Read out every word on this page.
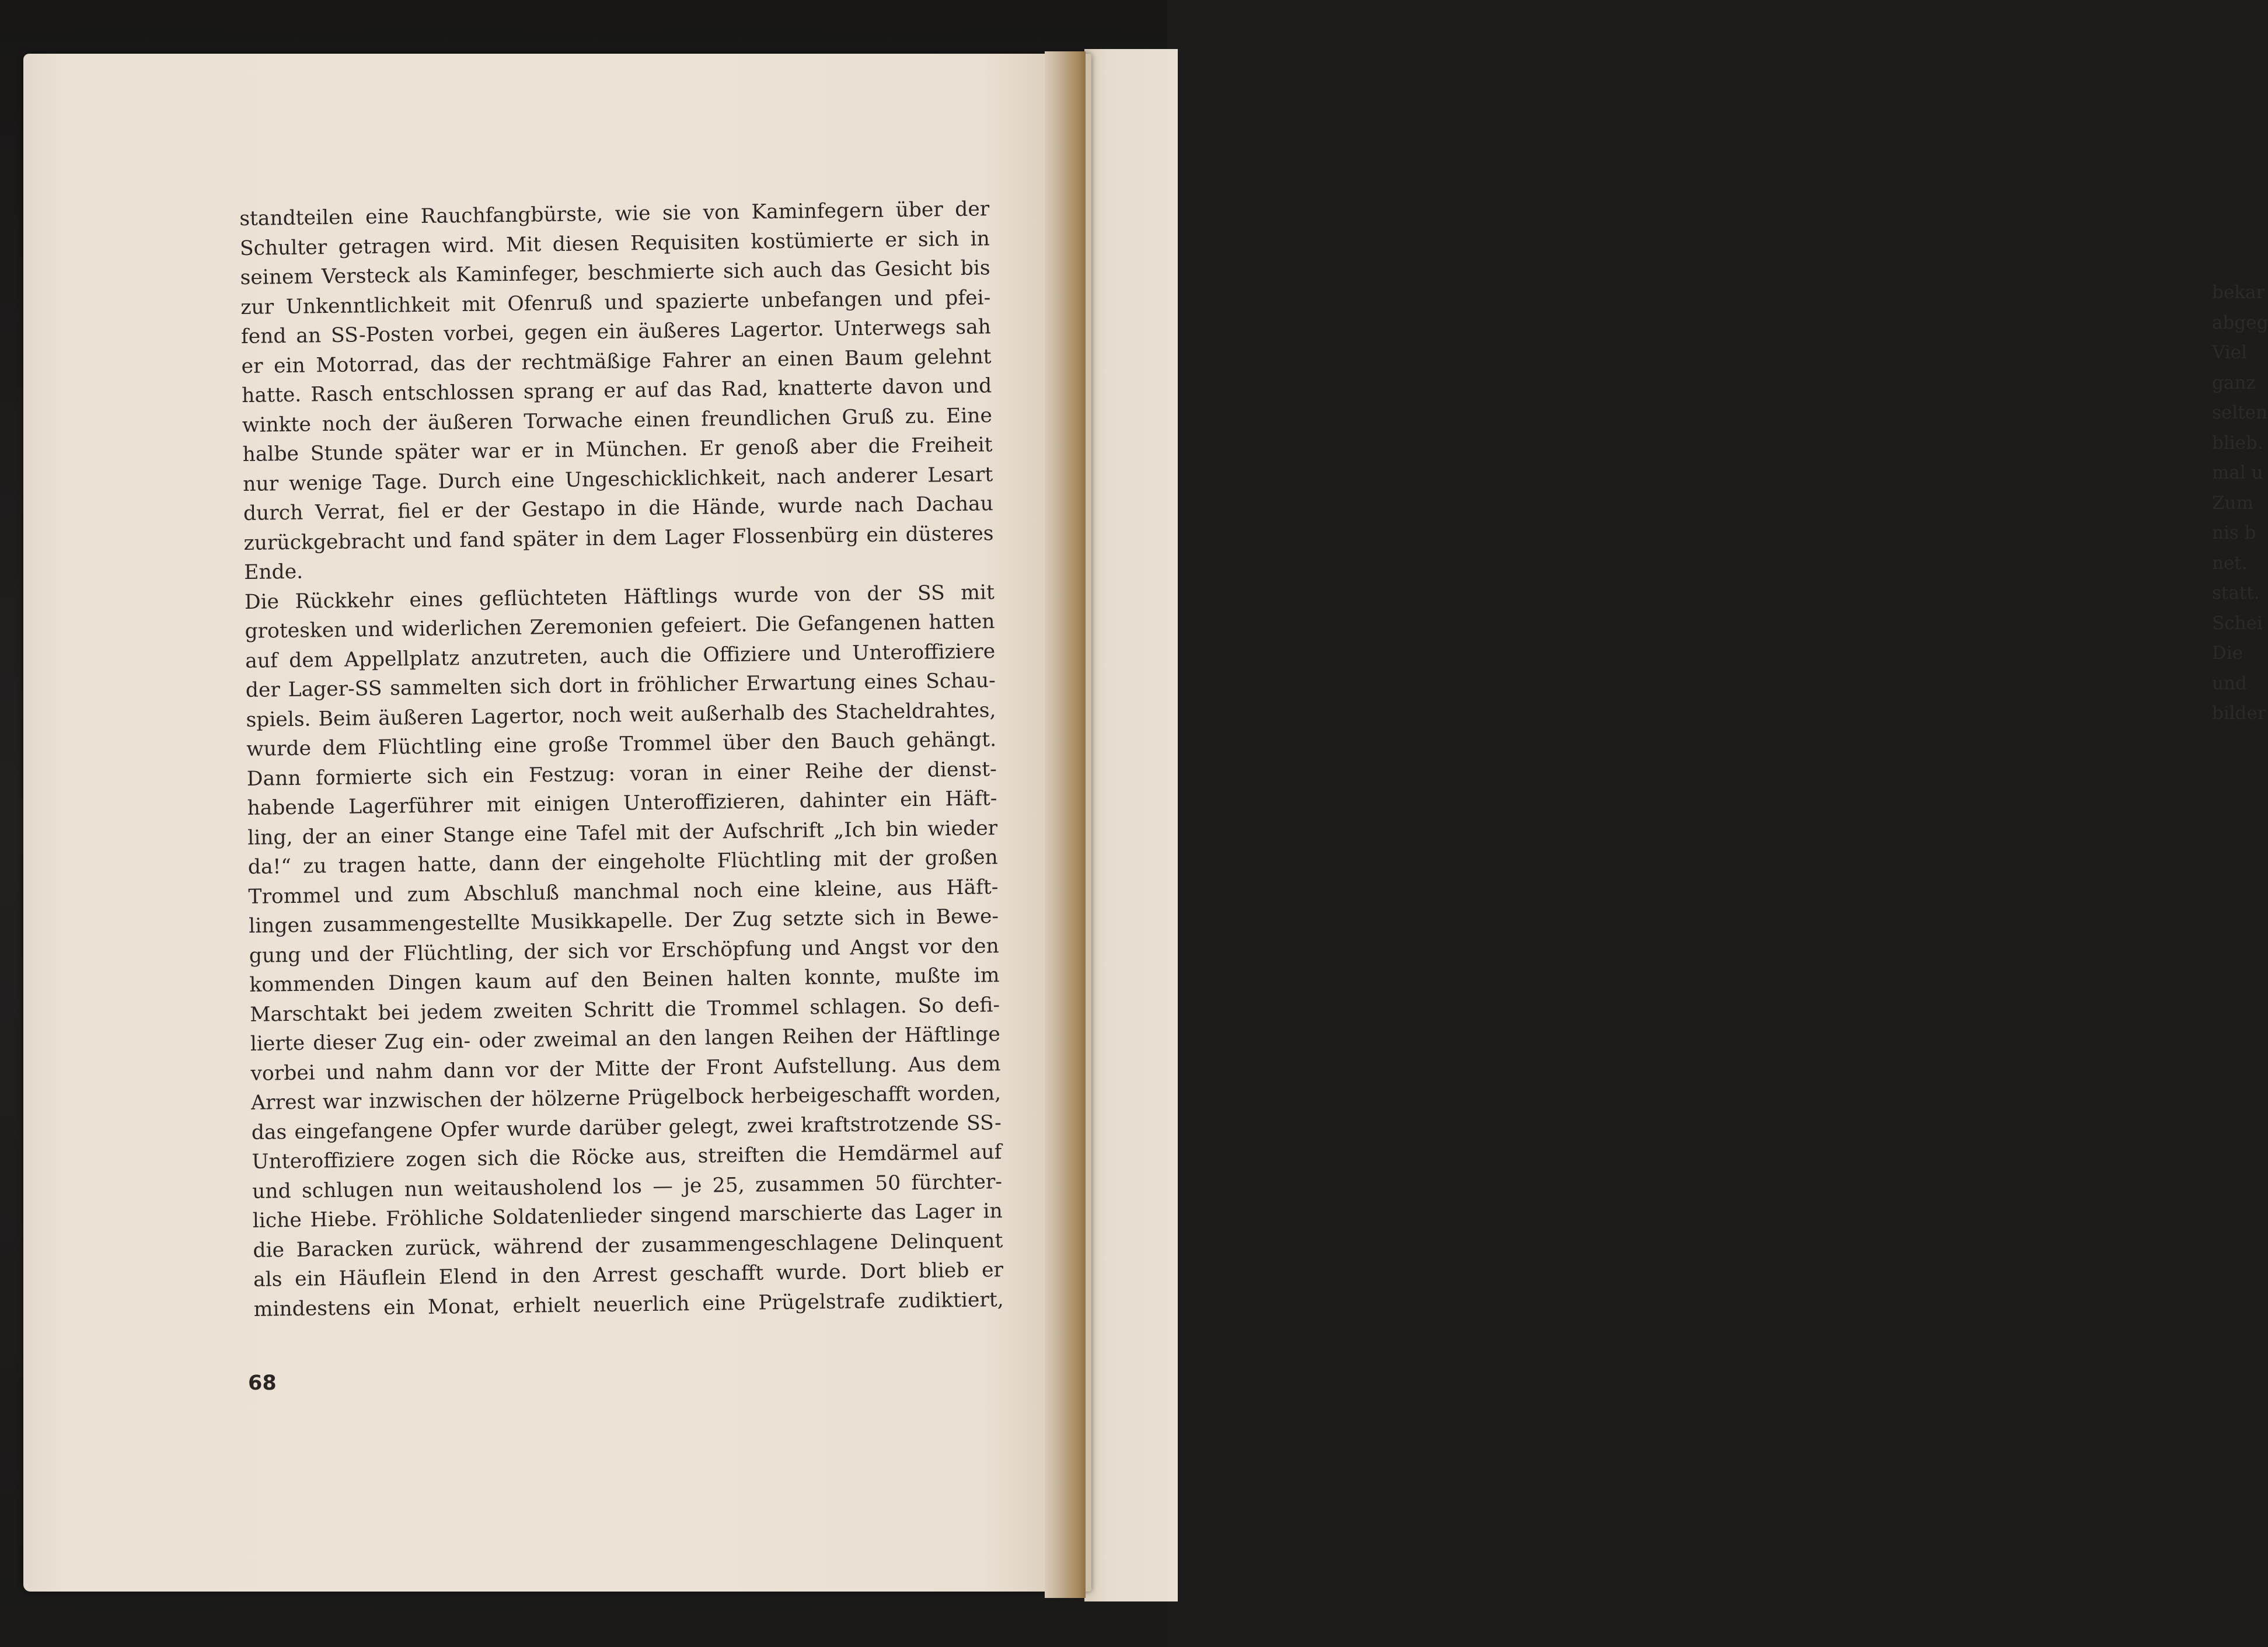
bekar
abgeg
Viel
ganz
selten
blieb.
mal u
Zum
nis b
net.
statt.
Schei
Die
und
bilder
standteilen eine Rauchfangbürste, wie sie von Kaminfegern über der
Schulter getragen wird. Mit diesen Requisiten kostümierte er sich in
seinem Versteck als Kaminfeger, beschmierte sich auch das Gesicht bis
zur Unkenntlichkeit mit Ofenruß und spazierte unbefangen und pfei-
fend an SS-Posten vorbei, gegen ein äußeres Lagertor. Unterwegs sah
er ein Motorrad, das der rechtmäßige Fahrer an einen Baum gelehnt
hatte. Rasch entschlossen sprang er auf das Rad, knatterte davon und
winkte noch der äußeren Torwache einen freundlichen Gruß zu. Eine
halbe Stunde später war er in München. Er genoß aber die Freiheit
nur wenige Tage. Durch eine Ungeschicklichkeit, nach anderer Lesart
durch Verrat, fiel er der Gestapo in die Hände, wurde nach Dachau
zurückgebracht und fand später in dem Lager Flossenbürg ein düsteres
Ende.
Die Rückkehr eines geflüchteten Häftlings wurde von der SS mit
grotesken und widerlichen Zeremonien gefeiert. Die Gefangenen hatten
auf dem Appellplatz anzutreten, auch die Offiziere und Unteroffiziere
der Lager-SS sammelten sich dort in fröhlicher Erwartung eines Schau-
spiels. Beim äußeren Lagertor, noch weit außerhalb des Stacheldrahtes,
wurde dem Flüchtling eine große Trommel über den Bauch gehängt.
Dann formierte sich ein Festzug: voran in einer Reihe der dienst-
habende Lagerführer mit einigen Unteroffizieren, dahinter ein Häft-
ling, der an einer Stange eine Tafel mit der Aufschrift „Ich bin wieder
da!“ zu tragen hatte, dann der eingeholte Flüchtling mit der großen
Trommel und zum Abschluß manchmal noch eine kleine, aus Häft-
lingen zusammengestellte Musikkapelle. Der Zug setzte sich in Bewe-
gung und der Flüchtling, der sich vor Erschöpfung und Angst vor den
kommenden Dingen kaum auf den Beinen halten konnte, mußte im
Marschtakt bei jedem zweiten Schritt die Trommel schlagen. So defi-
lierte dieser Zug ein- oder zweimal an den langen Reihen der Häftlinge
vorbei und nahm dann vor der Mitte der Front Aufstellung. Aus dem
Arrest war inzwischen der hölzerne Prügelbock herbeigeschafft worden,
das eingefangene Opfer wurde darüber gelegt, zwei kraftstrotzende SS-
Unteroffiziere zogen sich die Röcke aus, streiften die Hemdärmel auf
und schlugen nun weitausholend los — je 25, zusammen 50 fürchter-
liche Hiebe. Fröhliche Soldatenlieder singend marschierte das Lager in
die Baracken zurück, während der zusammengeschlagene Delinquent
als ein Häuflein Elend in den Arrest geschafft wurde. Dort blieb er
mindestens ein Monat, erhielt neuerlich eine Prügelstrafe zudiktiert,
68
